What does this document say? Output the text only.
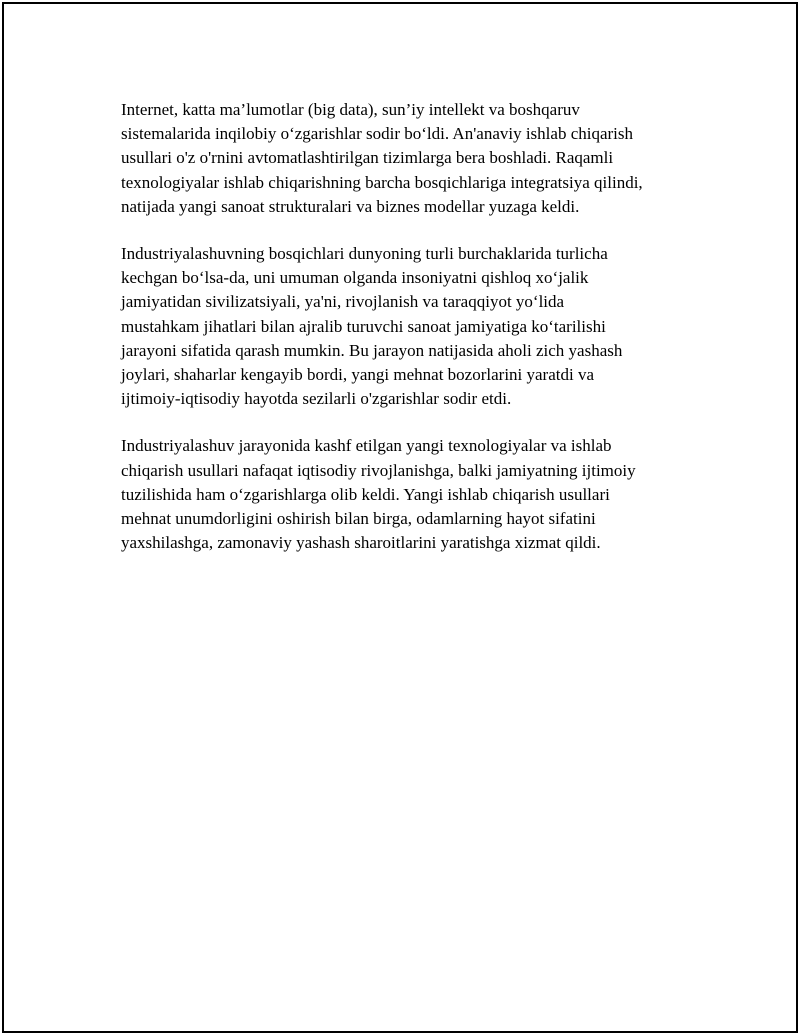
Internet, katta ma’lumotlar (big data), sun’iy intellekt va boshqaruv
sistemalarida inqilobiy o‘zgarishlar sodir bo‘ldi. An'anaviy ishlab chiqarish
usullari o'z o'rnini avtomatlashtirilgan tizimlarga bera boshladi. Raqamli
texnologiyalar ishlab chiqarishning barcha bosqichlariga integratsiya qilindi,
natijada yangi sanoat strukturalari va biznes modellar yuzaga keldi.

Industriyalashuvning bosqichlari dunyoning turli burchaklarida turlicha
kechgan bo‘lsa-da, uni umuman olganda insoniyatni qishloq xo‘jalik
jamiyatidan sivilizatsiyali, ya'ni, rivojlanish va taraqqiyot yo‘lida
mustahkam jihatlari bilan ajralib turuvchi sanoat jamiyatiga ko‘tarilishi
jarayoni sifatida qarash mumkin. Bu jarayon natijasida aholi zich yashash
joylari, shaharlar kengayib bordi, yangi mehnat bozorlarini yaratdi va
ijtimoiy-iqtisodiy hayotda sezilarli o'zgarishlar sodir etdi.

Industriyalashuv jarayonida kashf etilgan yangi texnologiyalar va ishlab
chiqarish usullari nafaqat iqtisodiy rivojlanishga, balki jamiyatning ijtimoiy
tuzilishida ham o‘zgarishlarga olib keldi. Yangi ishlab chiqarish usullari
mehnat unumdorligini oshirish bilan birga, odamlarning hayot sifatini
yaxshilashga, zamonaviy yashash sharoitlarini yaratishga xizmat qildi.
